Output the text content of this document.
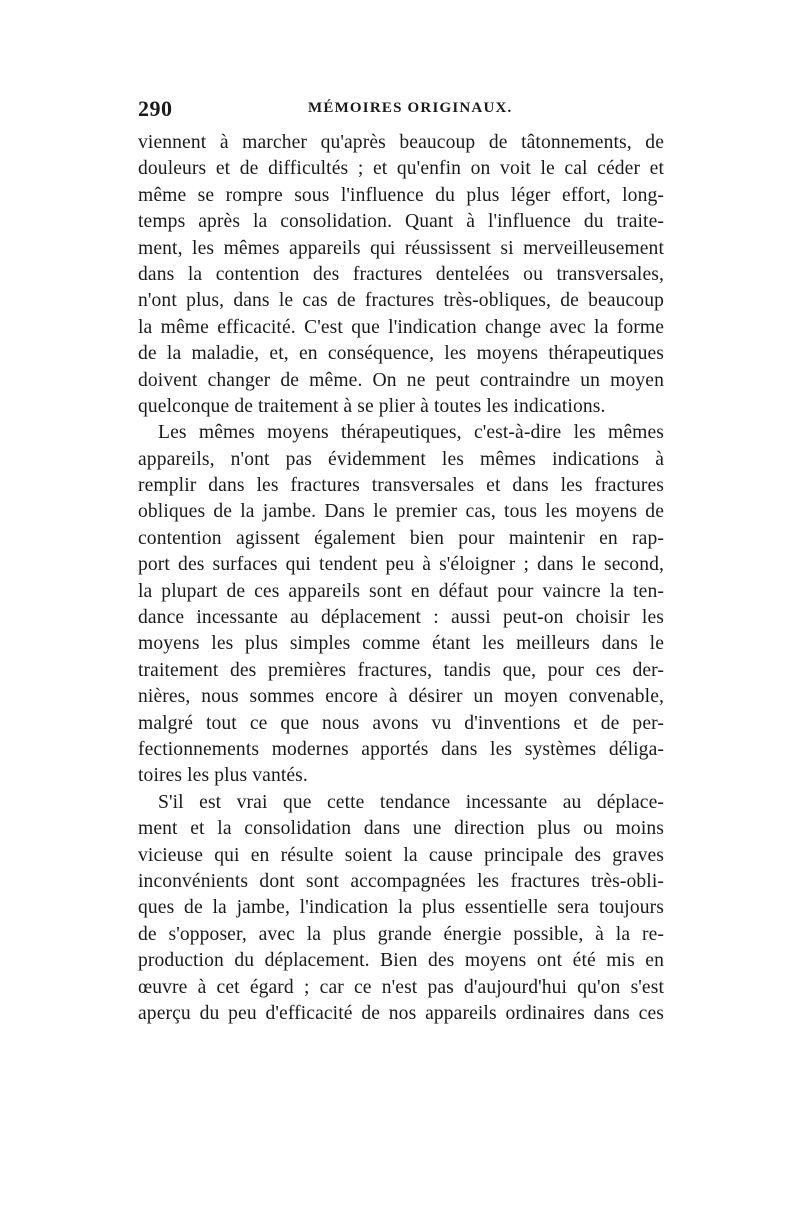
290	MÉMOIRES ORIGINAUX.
viennent à marcher qu'après beaucoup de tâtonnements, de
douleurs et de difficultés ; et qu'enfin on voit le cal céder et
même se rompre sous l'influence du plus léger effort, long-
temps après la consolidation. Quant à l'influence du traite-
ment, les mêmes appareils qui réussissent si merveilleusement
dans la contention des fractures dentelées ou transversales,
n'ont plus, dans le cas de fractures très-obliques, de beaucoup
la même efficacité. C'est que l'indication change avec la forme
de la maladie, et, en conséquence, les moyens thérapeutiques
doivent changer de même. On ne peut contraindre un moyen
quelconque de traitement à se plier à toutes les indications.
Les mêmes moyens thérapeutiques, c'est-à-dire les mêmes
appareils, n'ont pas évidemment les mêmes indications à
remplir dans les fractures transversales et dans les fractures
obliques de la jambe. Dans le premier cas, tous les moyens de
contention agissent également bien pour maintenir en rap-
port des surfaces qui tendent peu à s'éloigner ; dans le second,
la plupart de ces appareils sont en défaut pour vaincre la ten-
dance incessante au déplacement : aussi peut-on choisir les
moyens les plus simples comme étant les meilleurs dans le
traitement des premières fractures, tandis que, pour ces der-
nières, nous sommes encore à désirer un moyen convenable,
malgré tout ce que nous avons vu d'inventions et de per-
fectionnements modernes apportés dans les systèmes déliga-
toires les plus vantés.
S'il est vrai que cette tendance incessante au déplace-
ment et la consolidation dans une direction plus ou moins
vicieuse qui en résulte soient la cause principale des graves
inconvénients dont sont accompagnées les fractures très-obli-
ques de la jambe, l'indication la plus essentielle sera toujours
de s'opposer, avec la plus grande énergie possible, à la re-
production du déplacement. Bien des moyens ont été mis en
œuvre à cet égard ; car ce n'est pas d'aujourd'hui qu'on s'est
aperçu du peu d'efficacité de nos appareils ordinaires dans ces
